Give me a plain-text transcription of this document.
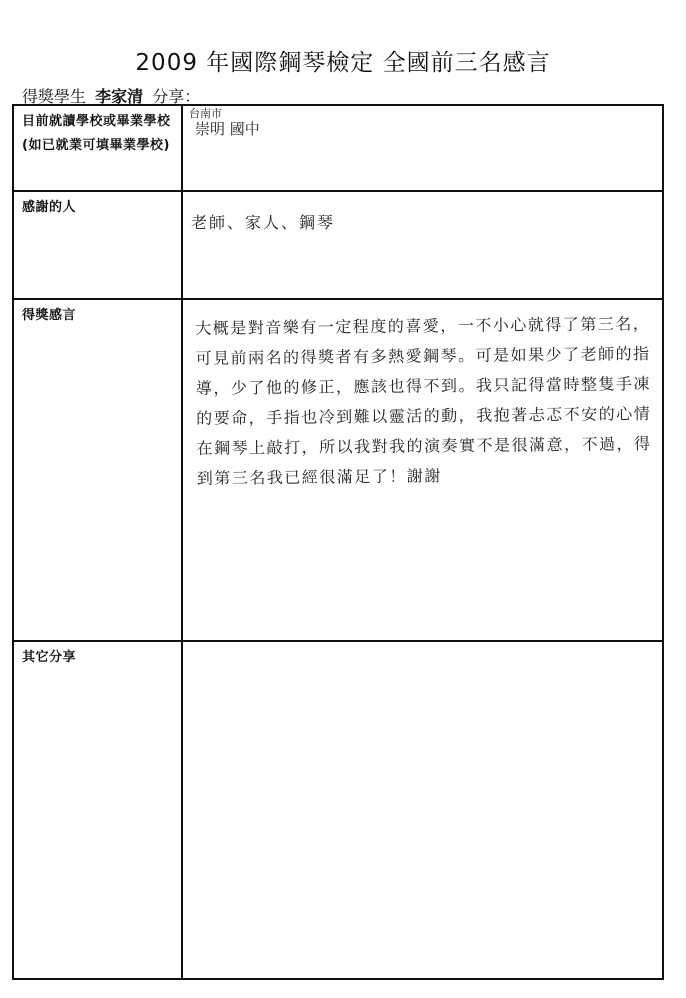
2009 年國際鋼琴檢定 全國前三名感言
得獎學生 李家清 分享：
目前就讀學校或畢業學校(如已就業可填畢業學校)	台南市
崇明 國中

感謝的人	老師、家人、鋼琴

得獎感言	大概是對音樂有一定程度的喜愛，一不小心就得了第三名，可見前兩名的得獎者有多熱愛鋼琴。可是如果少了老師的指導，少了他的修正，應該也得不到。我只記得當時整隻手凍的要命，手指也冷到難以靈活的動，我抱著忐忑不安的心情在鋼琴上敲打，所以我對我的演奏實不是很滿意，不過，得到第三名我已經很滿足了！謝謝

其它分享	
